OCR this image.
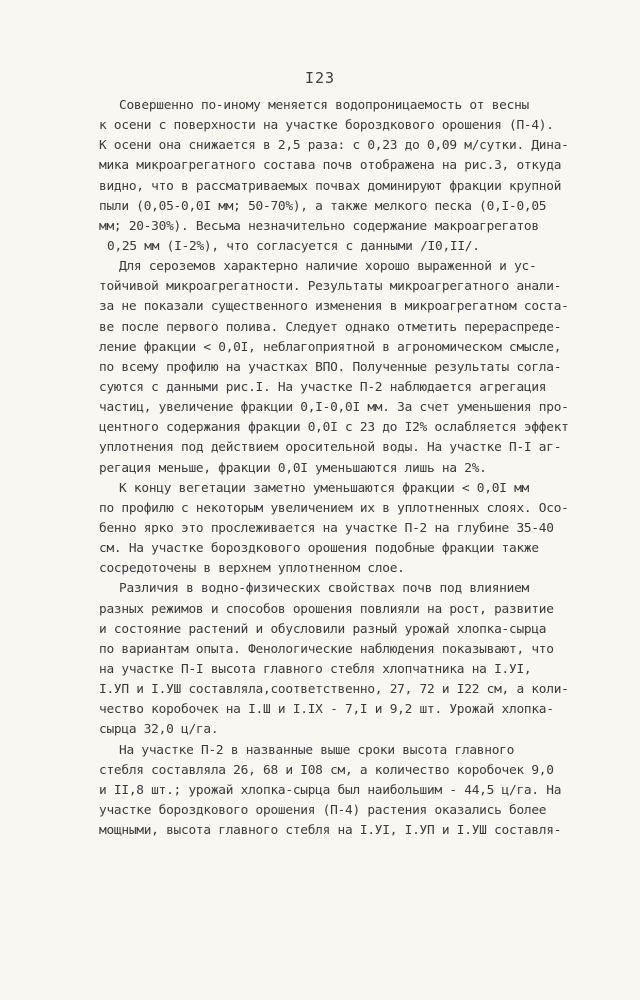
I23
Совершенно по-иному меняется водопроницаемость от весны
к осени с поверхности на участке бороздкового орошения (П-4).
К осени она снижается в 2,5 раза: с 0,23 до 0,09 м/сутки. Дина-
мика микроагрегатного состава почв отображена на рис.3, откуда
видно, что в рассматриваемых почвах доминируют фракции крупной
пыли (0,05-0,0I мм; 50-70%), а также мелкого песка (0,I-0,05
мм; 20-30%). Весьма незначительно содержание макроагрегатов
0,25 мм (I-2%), что согласуется с данными /I0,II/.
Для сероземов характерно наличие хорошо выраженной и ус-
тойчивой микроагрегатности. Результаты микроагрегатного анали-
за не показали существенного изменения в микроагрегатном соста-
ве после первого полива. Следует однако отметить перераспреде-
ление фракции < 0,0I, неблагоприятной в агрономическом смысле,
по всему профилю на участках ВПО. Полученные результаты согла-
суются с данными рис.I. На участке П-2 наблюдается агрегация
частиц, увеличение фракции 0,I-0,0I мм. За счет уменьшения про-
центного содержания фракции 0,0I с 23 до I2% ослабляется эффект
уплотнения под действием оросительной воды. На участке П-I аг-
регация меньше, фракции 0,0I уменьшаются лишь на 2%.
К концу вегетации заметно уменьшаются фракции < 0,0I мм
по профилю с некоторым увеличением их в уплотненных слоях. Осо-
бенно ярко это прослеживается на участке П-2 на глубине 35-40
см. На участке бороздкового орошения подобные фракции также
сосредоточены в верхнем уплотненном слое.
Различия в водно-физических свойствах почв под влиянием
разных режимов и способов орошения повлияли на рост, развитие
и состояние растений и обусловили разный урожай хлопка-сырца
по вариантам опыта. Фенологические наблюдения показывают, что
на участке П-I высота главного стебля хлопчатника на I.УI,
I.УП и I.УШ составляла,соответственно, 27, 72 и I22 см, а коли-
чество коробочек на I.Ш и I.IX - 7,I и 9,2 шт. Урожай хлопка-
сырца 32,0 ц/га.
На участке П-2 в названные выше сроки высота главного
стебля составляла 26, 68 и I08 см, а количество коробочек 9,0
и II,8 шт.; урожай хлопка-сырца был наибольшим - 44,5 ц/га. На
участке бороздкового орошения (П-4) растения оказались более
мощными, высота главного стебля на I.УI, I.УП и I.УШ составля-
